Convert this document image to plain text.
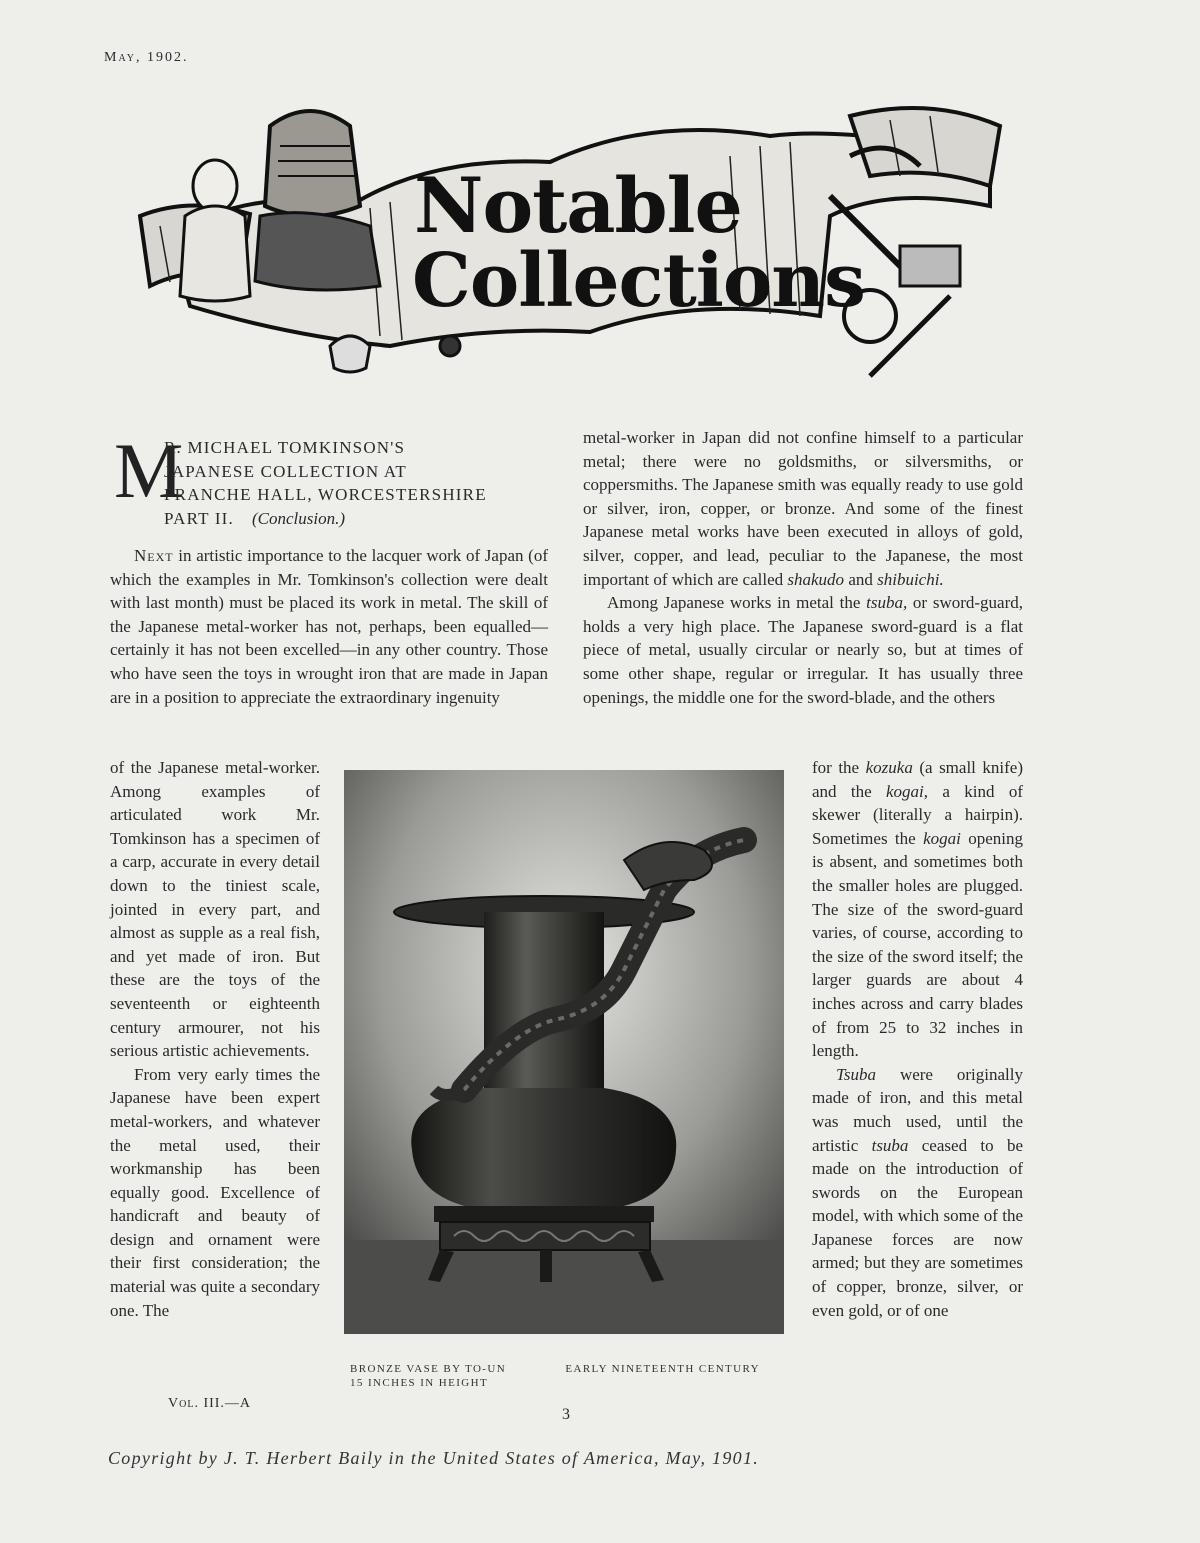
May, 1902.
Notable
Collections
M
R. MICHAEL TOMKINSON'S
JAPANESE COLLECTION AT
FRANCHE HALL, WORCESTERSHIRE
PART II. (Conclusion.)

Next in artistic importance to the lacquer work of Japan (of which the examples in Mr. Tomkinson's collection were dealt with last month) must be placed its work in metal. The skill of the Japanese metal-worker has not, perhaps, been equalled—certainly it has not been excelled—in any other country. Those who have seen the toys in wrought iron that are made in Japan are in a position to appreciate the extraordinary ingenuity

of the Japanese metal-worker. Among examples of articulated work Mr. Tomkinson has a specimen of a carp, accurate in every detail down to the tiniest scale, jointed in every part, and almost as supple as a real fish, and yet made of iron. But these are the toys of the seventeenth or eighteenth century armourer, not his serious artistic achievements.

From very early times the Japanese have been expert metal-workers, and whatever the metal used, their workmanship has been equally good. Excellence of handicraft and beauty of design and ornament were their first consideration; the material was quite a secondary one. The

metal-worker in Japan did not confine himself to a particular metal; there were no goldsmiths, or silversmiths, or coppersmiths. The Japanese smith was equally ready to use gold or silver, iron, copper, or bronze. And some of the finest Japanese metal works have been executed in alloys of gold, silver, copper, and lead, peculiar to the Japanese, the most important of which are called shakudo and shibuichi.

Among Japanese works in metal the tsuba, or sword-guard, holds a very high place. The Japanese sword-guard is a flat piece of metal, usually circular or nearly so, but at times of some other shape, regular or irregular. It has usually three openings, the middle one for the sword-blade, and the others

for the kozuka (a small knife) and the kogai, a kind of skewer (literally a hairpin). Sometimes the kogai opening is absent, and sometimes both the smaller holes are plugged. The size of the sword-guard varies, of course, according to the size of the sword itself; the larger guards are about 4 inches across and carry blades of from 25 to 32 inches in length.

Tsuba were originally made of iron, and this metal was much used, until the artistic tsuba ceased to be made on the introduction of swords on the European model, with which some of the Japanese forces are now armed; but they are sometimes of copper, bronze, silver, or even gold, or of one

BRONZE VASE BY TO-UN	EARLY NINETEENTH CENTURY
15 INCHES IN HEIGHT
Vol. III.—A
3
Copyright by J. T. Herbert Baily in the United States of America, May, 1901.
